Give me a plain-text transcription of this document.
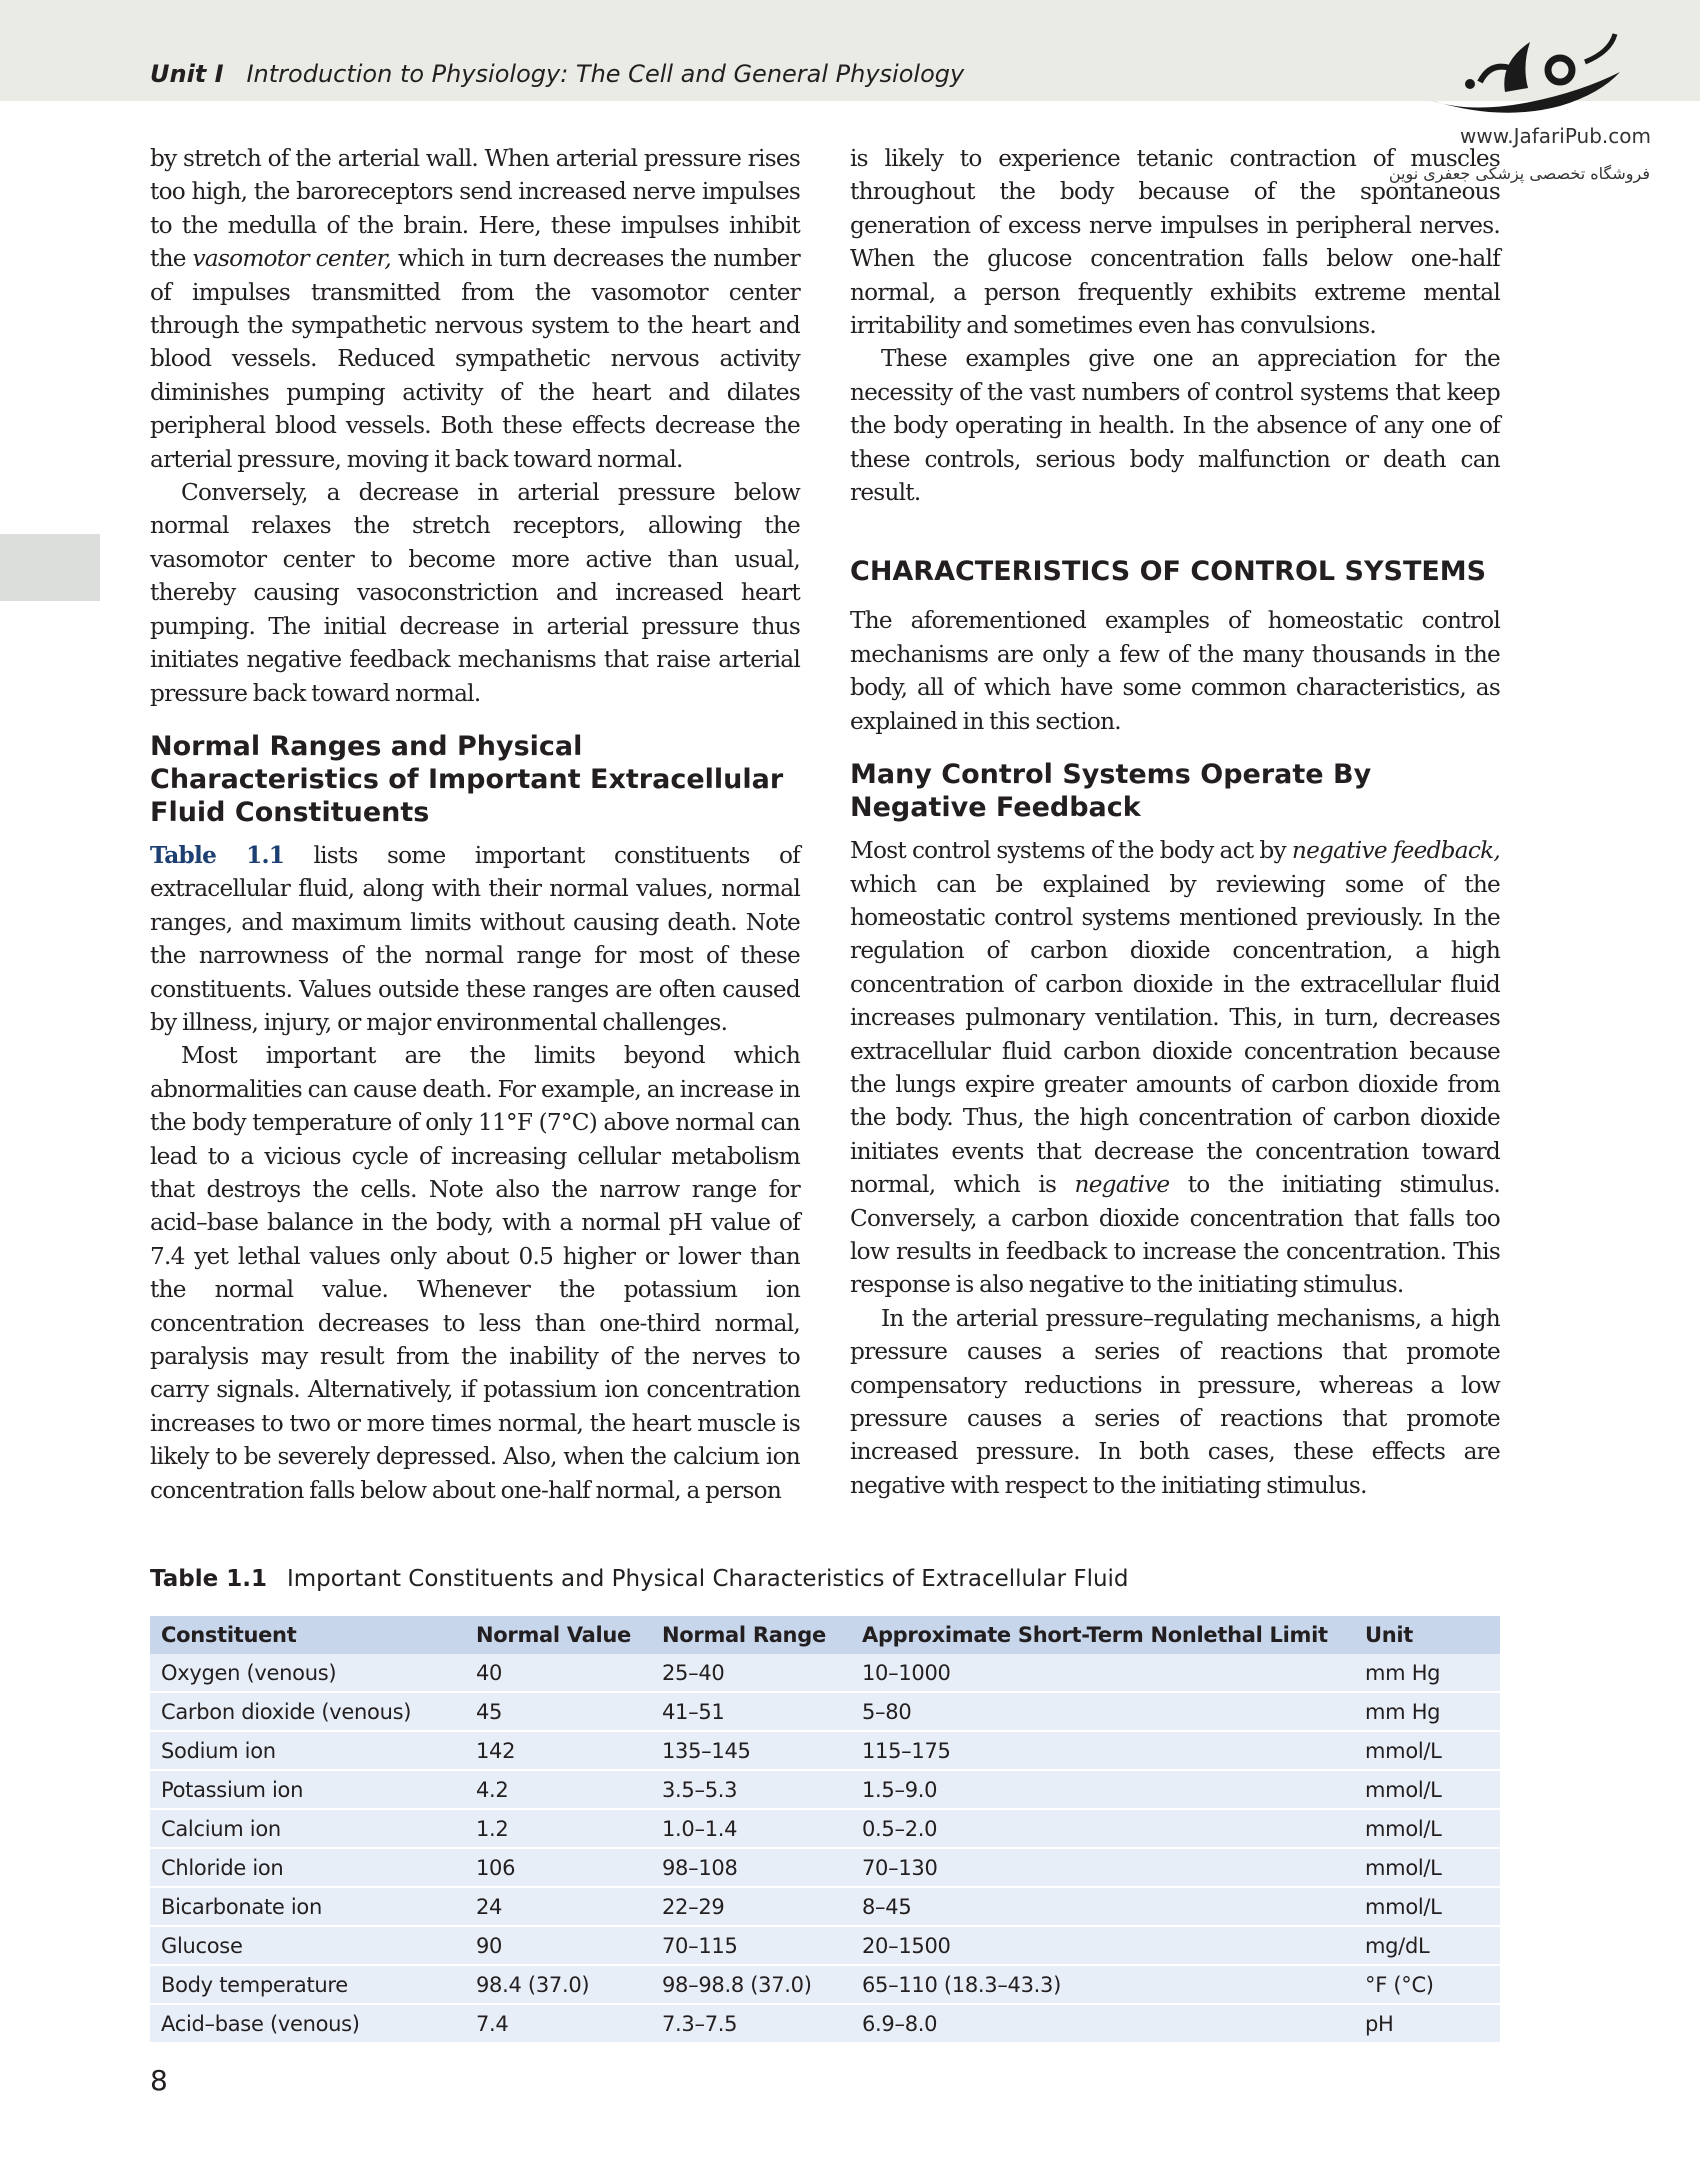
Unit I Introduction to Physiology: The Cell and General Physiology
www.JafariPub.com
فروشگاه تخصصی پزشکی جعفری نوین

by stretch of the arterial wall. When arterial pressure rises too high, the baroreceptors send increased nerve impulses to the medulla of the brain. Here, these impulses inhibit the vasomotor center, which in turn decreases the number of impulses transmitted from the vasomotor center through the sympathetic nervous system to the heart and blood vessels. Reduced sympathetic nervous activity diminishes pumping activity of the heart and dilates peripheral blood vessels. Both these effects decrease the arterial pressure, moving it back toward normal.

Conversely, a decrease in arterial pressure below normal relaxes the stretch receptors, allowing the vasomotor center to become more active than usual, thereby causing vasoconstriction and increased heart pumping. The initial decrease in arterial pressure thus initiates negative feedback mechanisms that raise arterial pressure back toward normal.

Normal Ranges and Physical Characteristics of Important Extracellular Fluid Constituents

Table 1.1 lists some important constituents of extracellular fluid, along with their normal values, normal ranges, and maximum limits without causing death. Note the narrowness of the normal range for most of these constituents. Values outside these ranges are often caused by illness, injury, or major environmental challenges.

Most important are the limits beyond which abnormalities can cause death. For example, an increase in the body temperature of only 11°F (7°C) above normal can lead to a vicious cycle of increasing cellular metabolism that destroys the cells. Note also the narrow range for acid–base balance in the body, with a normal pH value of 7.4 yet lethal values only about 0.5 higher or lower than the normal value. Whenever the potassium ion concentration decreases to less than one-third normal, paralysis may result from the inability of the nerves to carry signals. Alternatively, if potassium ion concentration increases to two or more times normal, the heart muscle is likely to be severely depressed. Also, when the calcium ion concentration falls below about one-half normal, a person

is likely to experience tetanic contraction of muscles throughout the body because of the spontaneous generation of excess nerve impulses in peripheral nerves. When the glucose concentration falls below one-half normal, a person frequently exhibits extreme mental irritability and sometimes even has convulsions.

These examples give one an appreciation for the necessity of the vast numbers of control systems that keep the body operating in health. In the absence of any one of these controls, serious body malfunction or death can result.

CHARACTERISTICS OF CONTROL SYSTEMS

The aforementioned examples of homeostatic control mechanisms are only a few of the many thousands in the body, all of which have some common characteristics, as explained in this section.

Many Control Systems Operate By Negative Feedback

Most control systems of the body act by negative feedback, which can be explained by reviewing some of the homeostatic control systems mentioned previously. In the regulation of carbon dioxide concentration, a high concentration of carbon dioxide in the extracellular fluid increases pulmonary ventilation. This, in turn, decreases extracellular fluid carbon dioxide concentration because the lungs expire greater amounts of carbon dioxide from the body. Thus, the high concentration of carbon dioxide initiates events that decrease the concentration toward normal, which is negative to the initiating stimulus. Conversely, a carbon dioxide concentration that falls too low results in feedback to increase the concentration. This response is also negative to the initiating stimulus.

In the arterial pressure–regulating mechanisms, a high pressure causes a series of reactions that promote compensatory reductions in pressure, whereas a low pressure causes a series of reactions that promote increased pressure. In both cases, these effects are negative with respect to the initiating stimulus.

Table 1.1 Important Constituents and Physical Characteristics of Extracellular Fluid
Constituent	Normal Value	Normal Range	Approximate Short-Term Nonlethal Limit	Unit
Oxygen (venous)	40	25–40	10–1000	mm Hg
Carbon dioxide (venous)	45	41–51	5–80	mm Hg
Sodium ion	142	135–145	115–175	mmol/L
Potassium ion	4.2	3.5–5.3	1.5–9.0	mmol/L
Calcium ion	1.2	1.0–1.4	0.5–2.0	mmol/L
Chloride ion	106	98–108	70–130	mmol/L
Bicarbonate ion	24	22–29	8–45	mmol/L
Glucose	90	70–115	20–1500	mg/dL
Body temperature	98.4 (37.0)	98–98.8 (37.0)	65–110 (18.3–43.3)	°F (°C)
Acid–base (venous)	7.4	7.3–7.5	6.9–8.0	pH
8
